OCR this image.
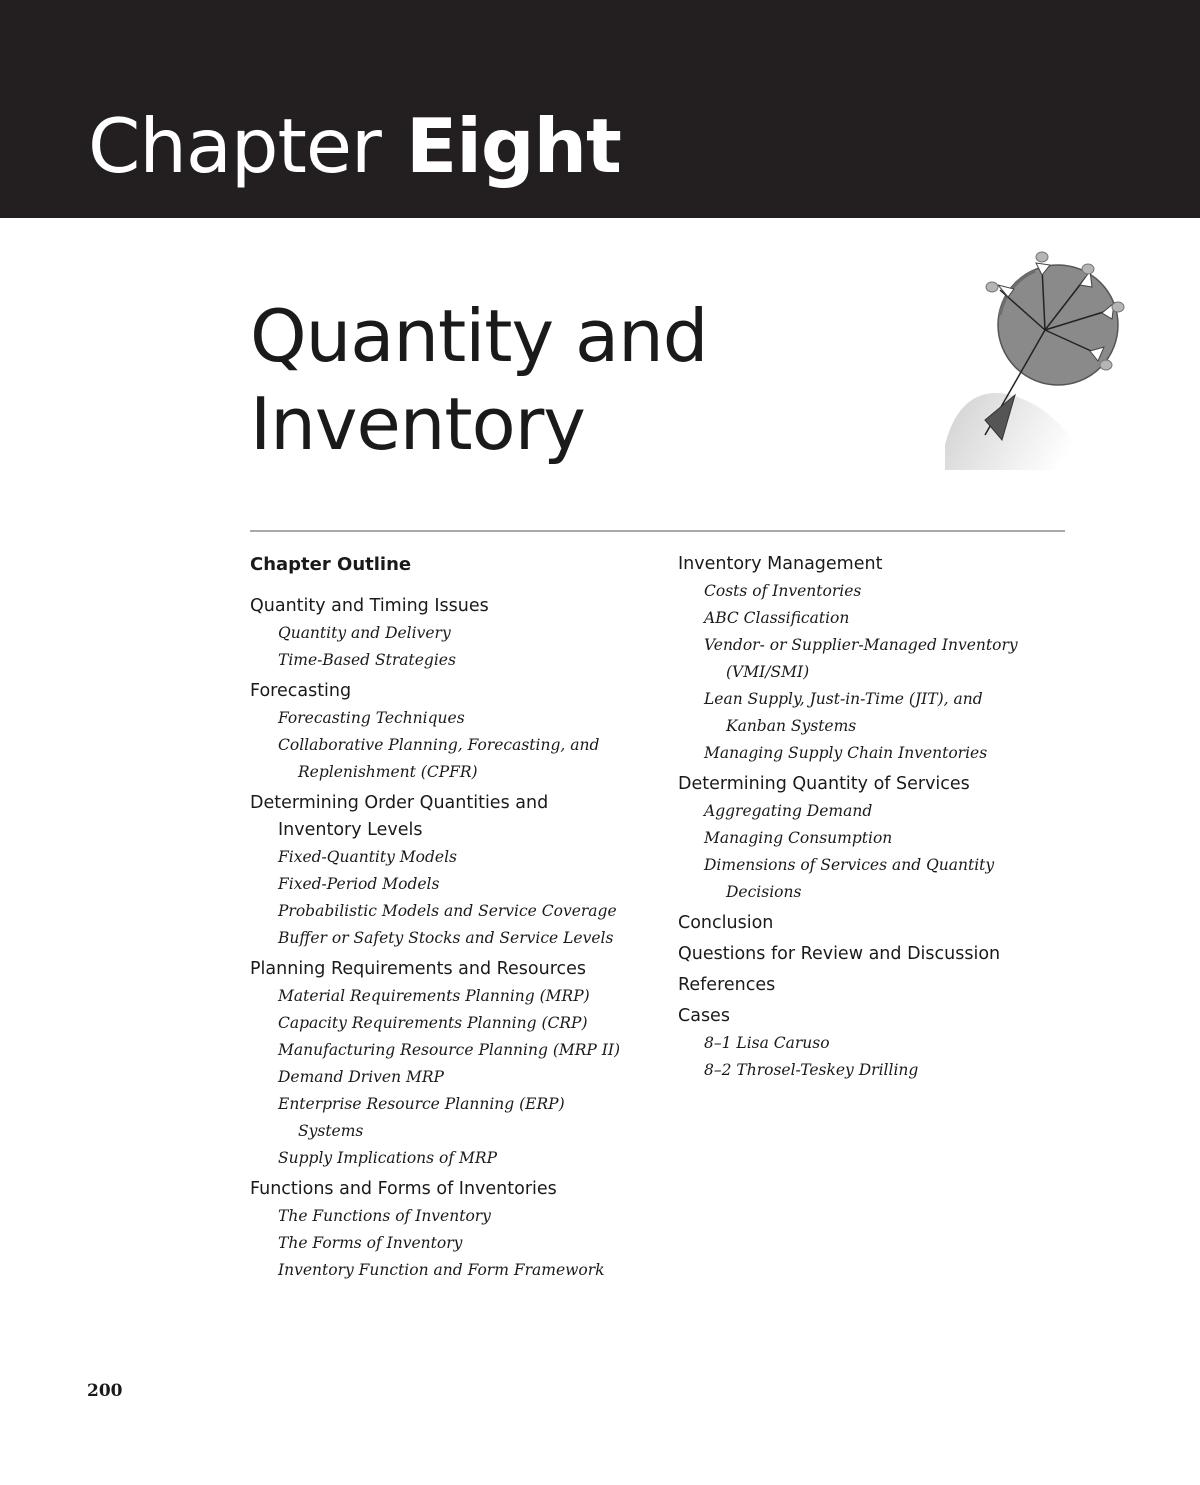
Chapter Eight
Quantity and
Inventory
Chapter Outline
Quantity and Timing Issues
Quantity and Delivery
Time-Based Strategies
Forecasting
Forecasting Techniques
Collaborative Planning, Forecasting, and
Replenishment (CPFR)
Determining Order Quantities and
Inventory Levels
Fixed-Quantity Models
Fixed-Period Models
Probabilistic Models and Service Coverage
Buffer or Safety Stocks and Service Levels
Planning Requirements and Resources
Material Requirements Planning (MRP)
Capacity Requirements Planning (CRP)
Manufacturing Resource Planning (MRP II)
Demand Driven MRP
Enterprise Resource Planning (ERP)
Systems
Supply Implications of MRP
Functions and Forms of Inventories
The Functions of Inventory
The Forms of Inventory
Inventory Function and Form Framework
Inventory Management
Costs of Inventories
ABC Classification
Vendor- or Supplier-Managed Inventory
(VMI/SMI)
Lean Supply, Just-in-Time (JIT), and
Kanban Systems
Managing Supply Chain Inventories
Determining Quantity of Services
Aggregating Demand
Managing Consumption
Dimensions of Services and Quantity
Decisions
Conclusion
Questions for Review and Discussion
References
Cases
8–1 Lisa Caruso
8–2 Throsel-Teskey Drilling
200
